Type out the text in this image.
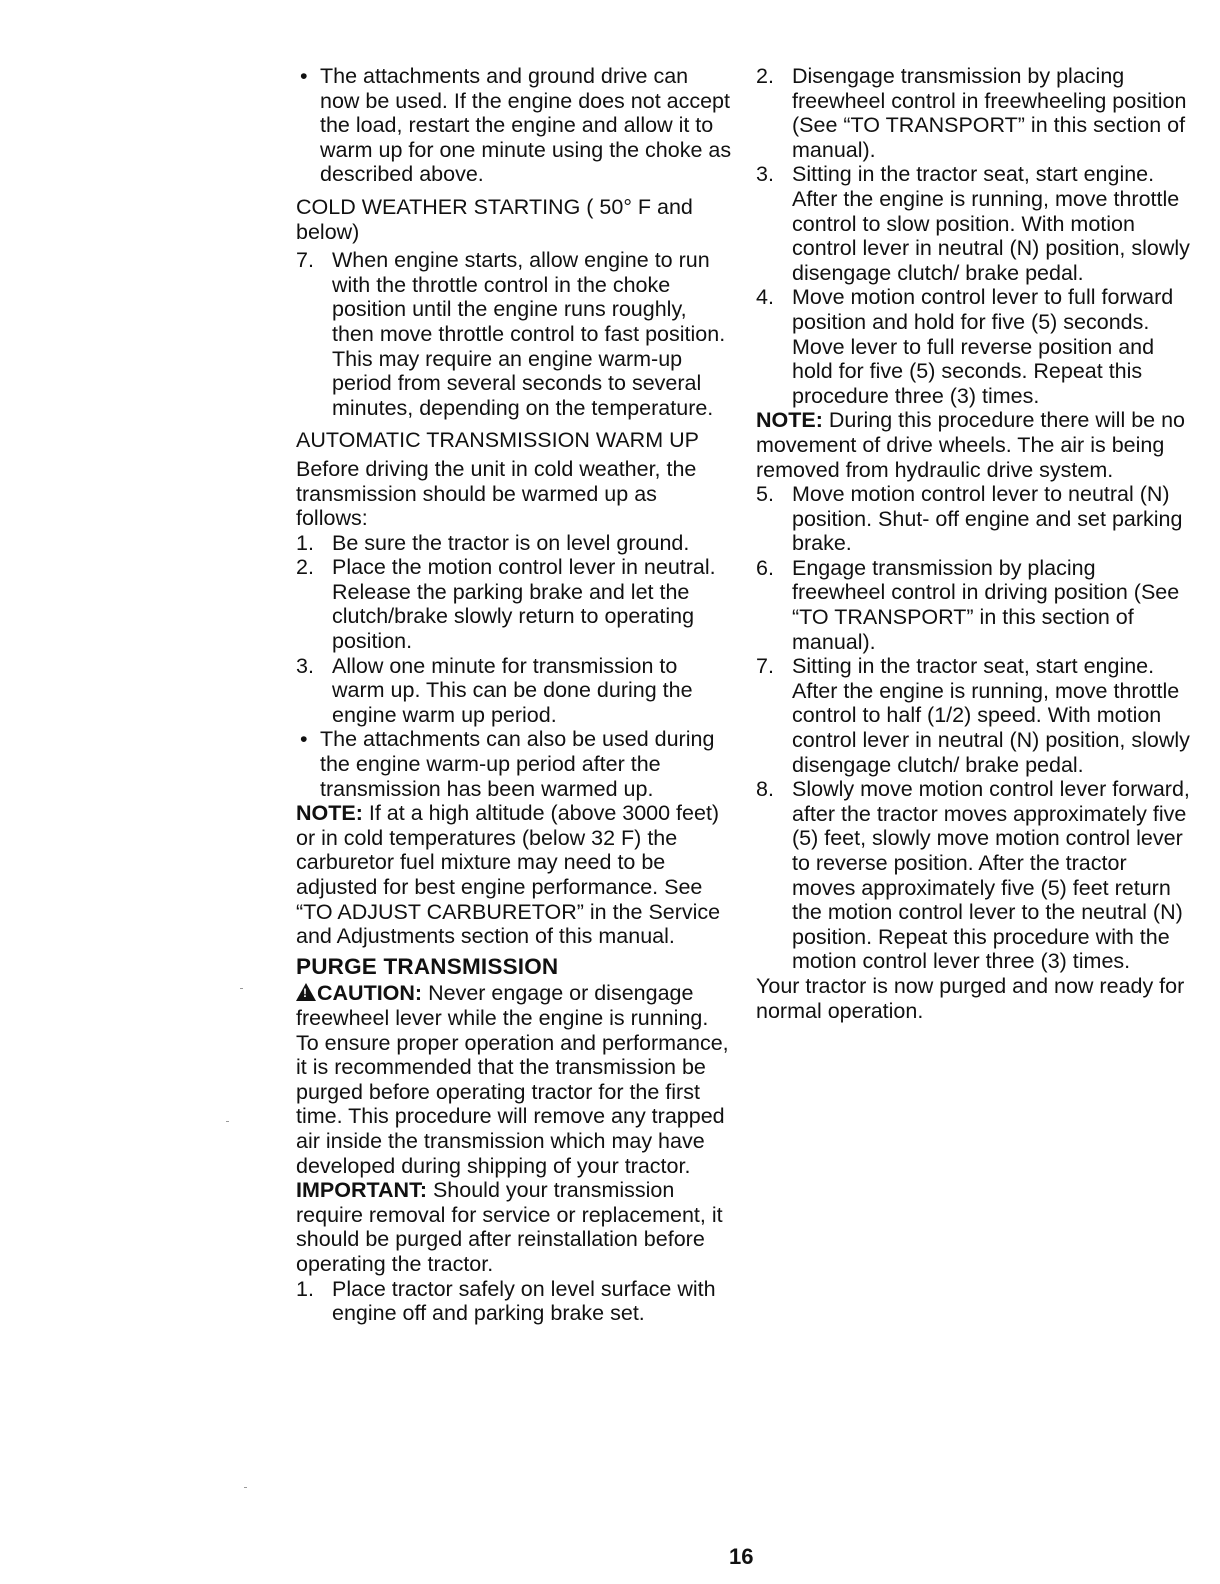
• The attachments and ground drive can now be used. If the engine does not accept the load, restart the engine and allow it to warm up for one minute using the choke as described above.

COLD WEATHER STARTING ( 50° F and below)

7. When engine starts, allow engine to run with the throttle control in the choke position until the engine runs roughly, then move throttle control to fast position. This may require an engine warm-up period from several seconds to several minutes, depending on the temperature.

AUTOMATIC TRANSMISSION WARM UP

Before driving the unit in cold weather, the transmission should be warmed up as follows:

1. Be sure the tractor is on level ground.

2. Place the motion control lever in neutral. Release the parking brake and let the clutch/brake slowly return to operating position.

3. Allow one minute for transmission to warm up. This can be done during the engine warm up period.

• The attachments can also be used during the engine warm-up period after the transmission has been warmed up.

NOTE: If at a high altitude (above 3000 feet) or in cold temperatures (below 32 F) the carburetor fuel mixture may need to be adjusted for best engine performance. See “TO ADJUST CARBURETOR” in the Service and Adjustments section of this manual.

PURGE TRANSMISSION

!CAUTION: Never engage or disengage freewheel lever while the engine is running.

To ensure proper operation and performance, it is recommended that the transmission be purged before operating tractor for the first time. This procedure will remove any trapped air inside the transmission which may have developed during shipping of your tractor.

IMPORTANT: Should your transmission require removal for service or replacement, it should be purged after reinstallation before operating the tractor.

1. Place tractor safely on level surface with engine off and parking brake set.

2. Disengage transmission by placing freewheel control in freewheeling position (See “TO TRANSPORT” in this section of manual).

3. Sitting in the tractor seat, start engine. After the engine is running, move throttle control to slow position. With motion control lever in neutral (N) position, slowly disengage clutch/ brake pedal.

4. Move motion control lever to full forward position and hold for five (5) seconds. Move lever to full reverse position and hold for five (5) seconds. Repeat this procedure three (3) times.

NOTE: During this procedure there will be no movement of drive wheels. The air is being removed from hydraulic drive system.

5. Move motion control lever to neutral (N) position. Shut- off engine and set parking brake.

6. Engage transmission by placing freewheel control in driving position (See “TO TRANSPORT” in this section of manual).

7. Sitting in the tractor seat, start engine. After the engine is running, move throttle control to half (1/2) speed. With motion control lever in neutral (N) position, slowly disengage clutch/ brake pedal.

8. Slowly move motion control lever forward, after the tractor moves approximately five (5) feet, slowly move motion control lever to reverse position. After the tractor moves approximately five (5) feet return the motion control lever to the neutral (N) position. Repeat this procedure with the motion control lever three (3) times.

Your tractor is now purged and now ready for normal operation.

16
